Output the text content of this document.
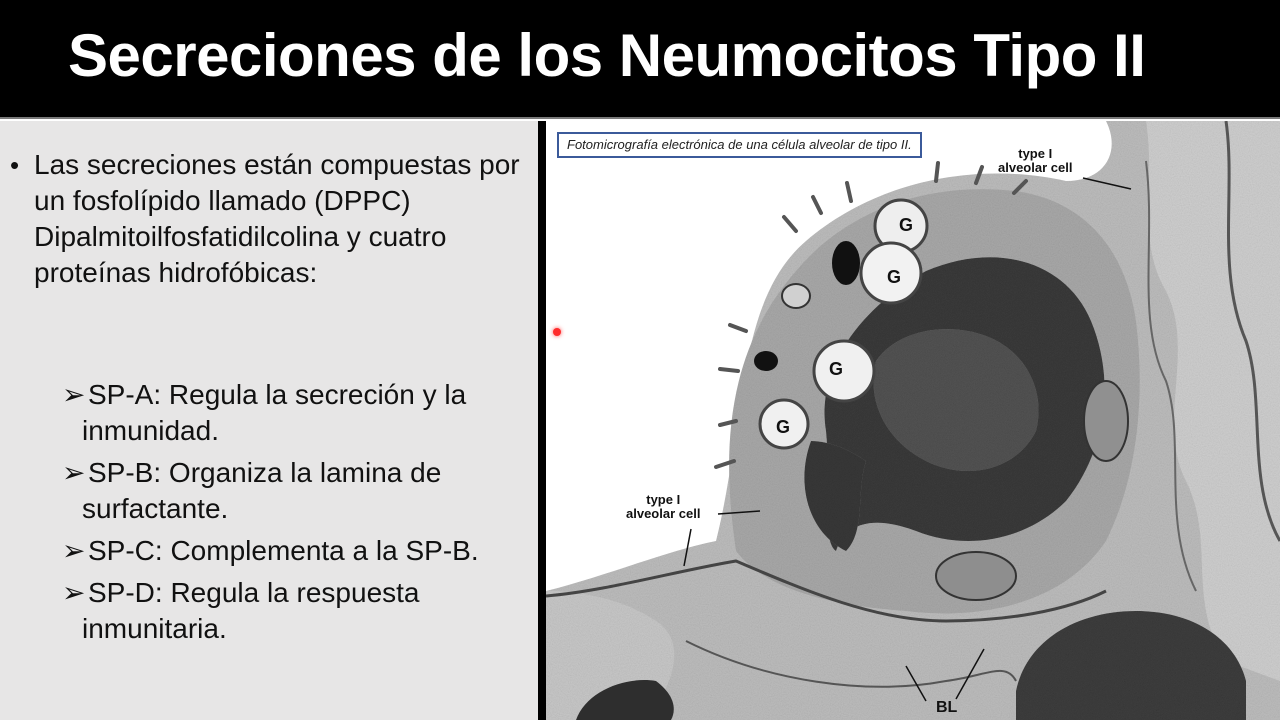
Secreciones de los Neumocitos Tipo II
• Las secreciones están compuestas por un fosfolípido llamado (DPPC) Dipalmitoilfosfatidilcolina y cuatro proteínas hidrofóbicas:
➢SP-A: Regula la secreción y la inmunidad.
➢SP-B: Organiza la lamina de surfactante.
➢SP-C: Complementa a la SP-B.
➢SP-D: Regula la respuesta inmunitaria.
Fotomicrografía electrónica de una célula alveolar de tipo II.
type I
alveolar cell
type I
alveolar cell
G
G
G
G
BL
